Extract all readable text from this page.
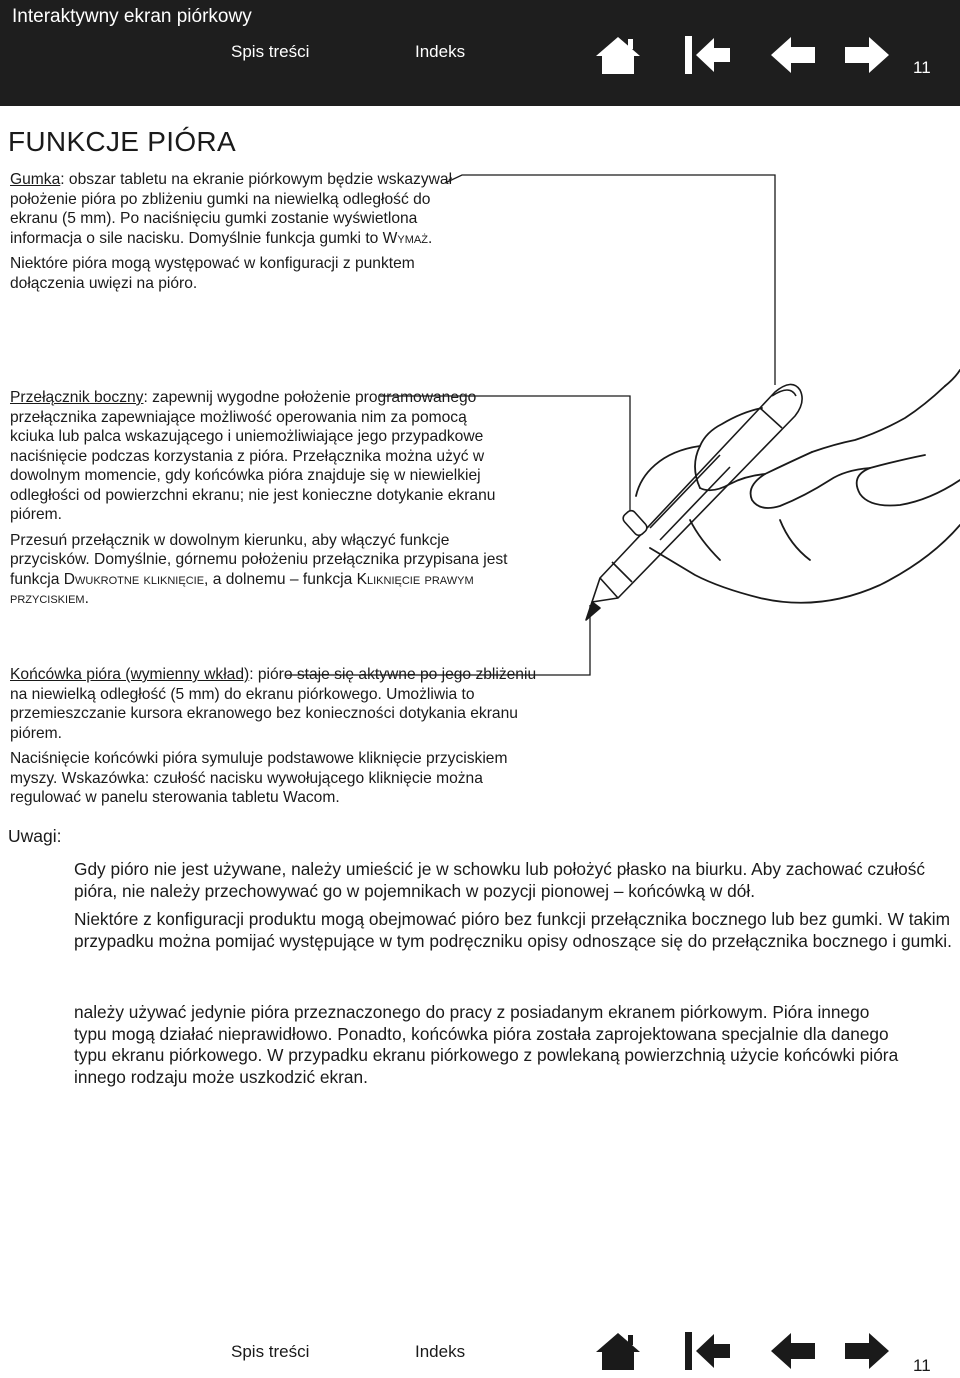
Interaktywny ekran piórkowy
Spis treści	Indeks
11
FUNKCJE PIÓRA

Gumka: obszar tabletu na ekranie piórkowym będzie wskazywał położenie pióra po zbliżeniu gumki na niewielką odległość do ekranu (5 mm). Po naciśnięciu gumki zostanie wyświetlona informacja o sile nacisku. Domyślnie funkcja gumki to Wymaż.

Niektóre pióra mogą występować w konfiguracji z punktem dołączenia uwięzi na pióro.

Przełącznik boczny: zapewnij wygodne położenie programowanego przełącznika zapewniające możliwość operowania nim za pomocą kciuka lub palca wskazującego i uniemożliwiające jego przypadkowe naciśnięcie podczas korzystania z pióra. Przełącznika można użyć w dowolnym momencie, gdy końcówka pióra znajduje się w niewielkiej odległości od powierzchni ekranu; nie jest konieczne dotykanie ekranu piórem.

Przesuń przełącznik w dowolnym kierunku, aby włączyć funkcje przycisków. Domyślnie, górnemu położeniu przełącznika przypisana jest funkcja Dwukrotne kliknięcie, a dolnemu – funkcja Kliknięcie prawym przyciskiem.

Końcówka pióra (wymienny wkład): pióro staje się aktywne po jego zbliżeniu na niewielką odległość (5 mm) do ekranu piórkowego. Umożliwia to przemieszczanie kursora ekranowego bez konieczności dotykania ekranu piórem.

Naciśnięcie końcówki pióra symuluje podstawowe kliknięcie przyciskiem myszy. Wskazówka: czułość nacisku wywołującego kliknięcie można regulować w panelu sterowania tabletu Wacom.

Uwagi:

Gdy pióro nie jest używane, należy umieścić je w schowku lub położyć płasko na biurku. Aby zachować czułość pióra, nie należy przechowywać go w pojemnikach w pozycji pionowej – końcówką w dół.

Niektóre z konfiguracji produktu mogą obejmować pióro bez funkcji przełącznika bocznego lub bez gumki. W takim przypadku można pomijać występujące w tym podręczniku opisy odnoszące się do przełącznika bocznego i gumki.

należy używać jedynie pióra przeznaczonego do pracy z posiadanym ekranem piórkowym. Pióra innego typu mogą działać nieprawidłowo. Ponadto, końcówka pióra została zaprojektowana specjalnie dla danego typu ekranu piórkowego. W przypadku ekranu piórkowego z powlekaną powierzchnią użycie końcówki pióra innego rodzaju może uszkodzić ekran.
Spis treści	Indeks
11
